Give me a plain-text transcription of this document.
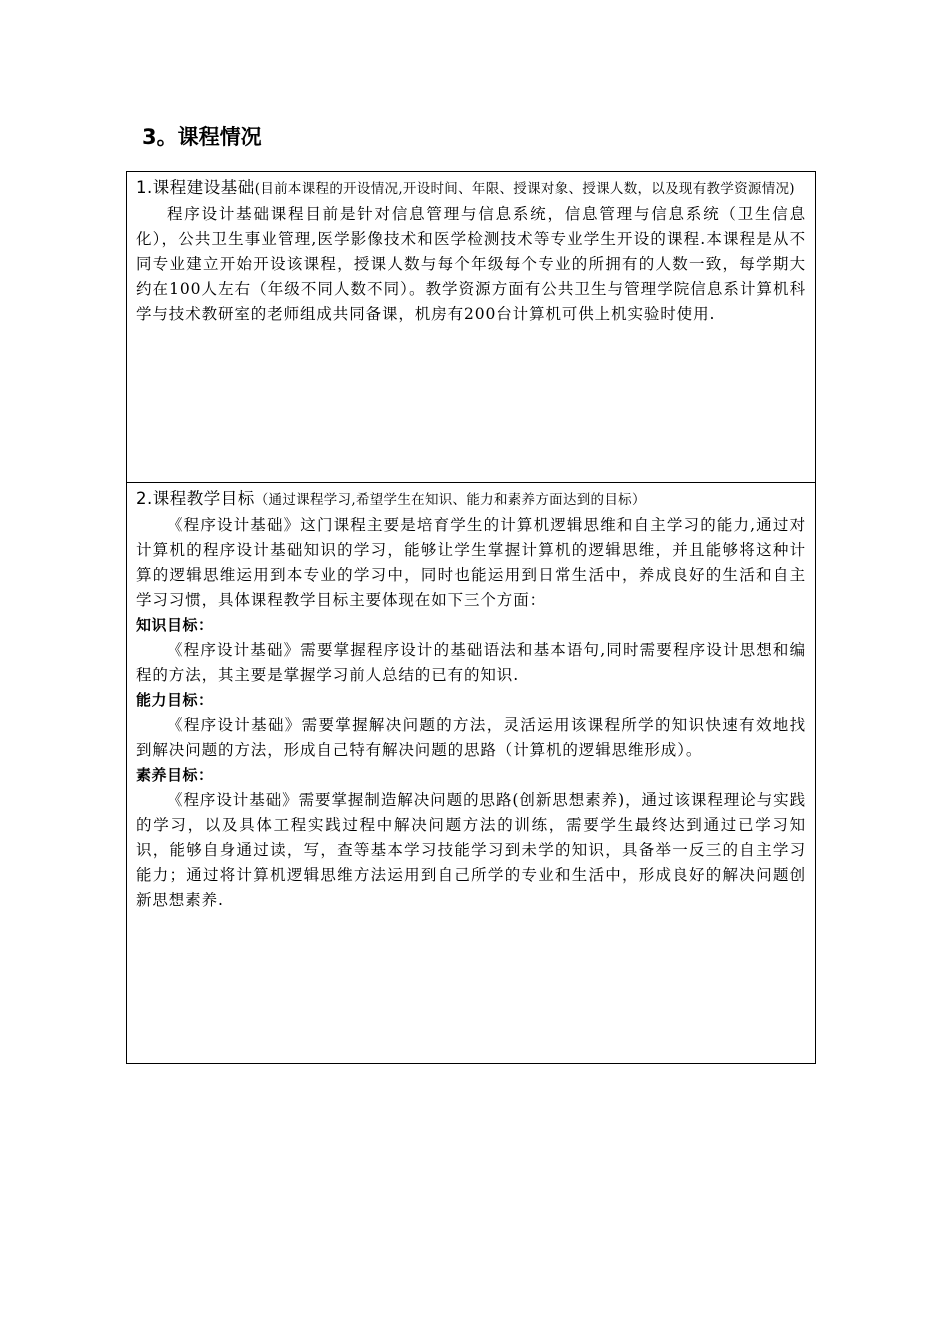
3。课程情况

1.课程建设基础(目前本课程的开设情况,开设时间、年限、授课对象、授课人数，以及现有教学资源情况)

程序设计基础课程目前是针对信息管理与信息系统，信息管理与信息系统（卫生信息化），公共卫生事业管理,医学影像技术和医学检测技术等专业学生开设的课程.本课程是从不同专业建立开始开设该课程，授课人数与每个年级每个专业的所拥有的人数一致，每学期大约在100人左右（年级不同人数不同）。教学资源方面有公共卫生与管理学院信息系计算机科学与技术教研室的老师组成共同备课，机房有200台计算机可供上机实验时使用.

2.课程教学目标（通过课程学习,希望学生在知识、能力和素养方面达到的目标）

《程序设计基础》这门课程主要是培育学生的计算机逻辑思维和自主学习的能力,通过对计算机的程序设计基础知识的学习，能够让学生掌握计算机的逻辑思维，并且能够将这种计算的逻辑思维运用到本专业的学习中，同时也能运用到日常生活中，养成良好的生活和自主学习习惯，具体课程教学目标主要体现在如下三个方面：

知识目标：

《程序设计基础》需要掌握程序设计的基础语法和基本语句,同时需要程序设计思想和编程的方法，其主要是掌握学习前人总结的已有的知识.

能力目标：

《程序设计基础》需要掌握解决问题的方法，灵活运用该课程所学的知识快速有效地找到解决问题的方法，形成自己特有解决问题的思路（计算机的逻辑思维形成）。

素养目标：

《程序设计基础》需要掌握制造解决问题的思路(创新思想素养)，通过该课程理论与实践的学习，以及具体工程实践过程中解决问题方法的训练，需要学生最终达到通过已学习知识，能够自身通过读，写，查等基本学习技能学习到未学的知识，具备举一反三的自主学习能力；通过将计算机逻辑思维方法运用到自己所学的专业和生活中，形成良好的解决问题创新思想素养.
